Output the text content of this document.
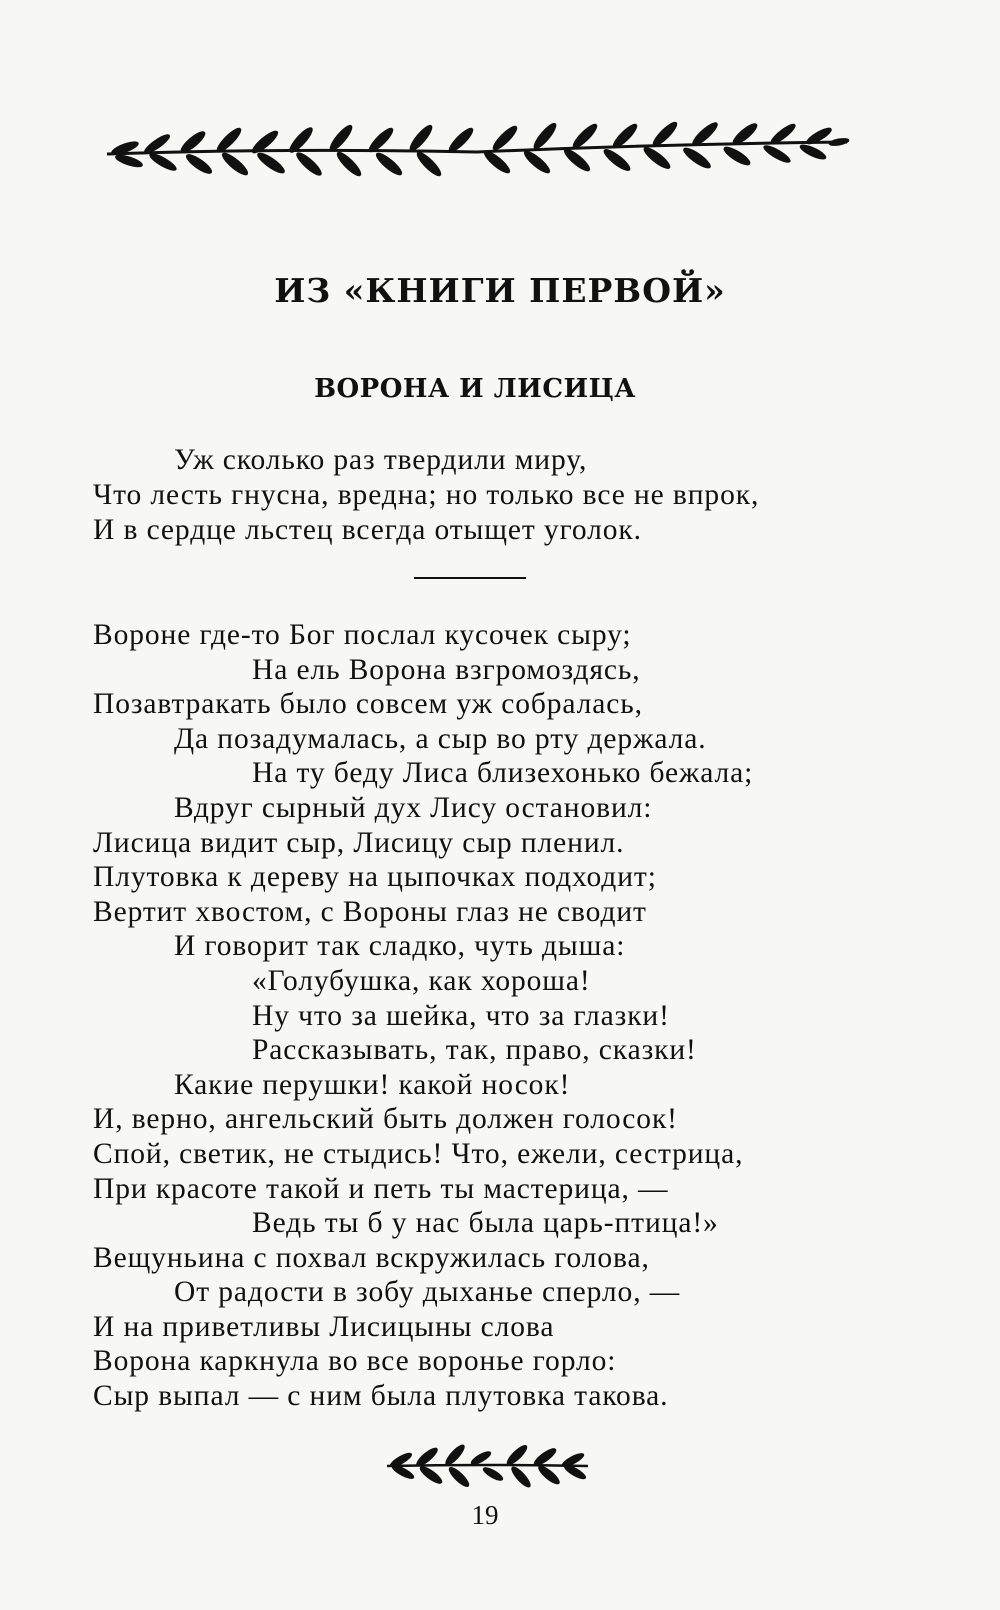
ИЗ «КНИГИ ПЕРВОЙ»
ВОРОНА И ЛИСИЦА
Уж сколько раз твердили миру,
Что лесть гнусна, вредна; но только все не впрок,
И в сердце льстец всегда отыщет уголок.
Вороне где-то Бог послал кусочек сыру;
На ель Ворона взгромоздясь,
Позавтракать было совсем уж собралась,
Да позадумалась, а сыр во рту держала.
На ту беду Лиса близехонько бежала;
Вдруг сырный дух Лису остановил:
Лисица видит сыр, Лисицу сыр пленил.
Плутовка к дереву на цыпочках подходит;
Вертит хвостом, с Вороны глаз не сводит
И говорит так сладко, чуть дыша:
«Голубушка, как хороша!
Ну что за шейка, что за глазки!
Рассказывать, так, право, сказки!
Какие перушки! какой носок!
И, верно, ангельский быть должен голосок!
Спой, светик, не стыдись! Что, ежели, сестрица,
При красоте такой и петь ты мастерица, —
Ведь ты б у нас была царь-птица!»
Вещуньина с похвал вскружилась голова,
От радости в зобу дыханье сперло, —
И на приветливы Лисицыны слова
Ворона каркнула во все воронье горло:
Сыр выпал — с ним была плутовка такова.
19
